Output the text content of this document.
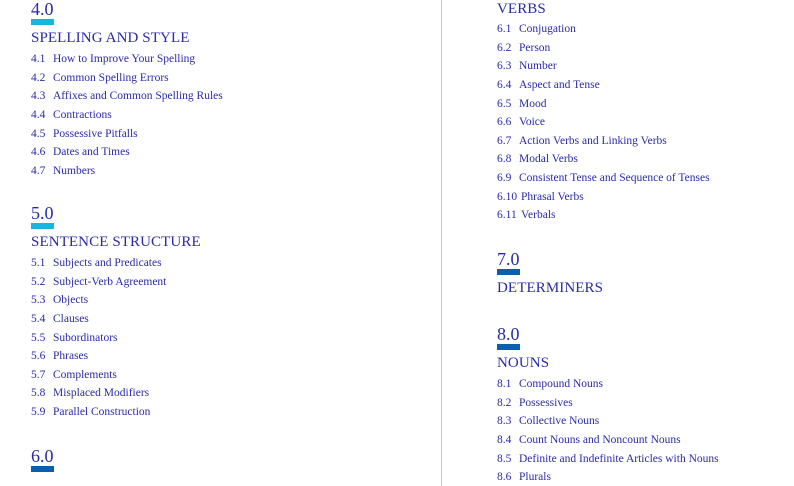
4.0
SPELLING AND STYLE
4.1 How to Improve Your Spelling
4.2 Common Spelling Errors
4.3 Affixes and Common Spelling Rules
4.4 Contractions
4.5 Possessive Pitfalls
4.6 Dates and Times
4.7 Numbers
5.0
SENTENCE STRUCTURE
5.1 Subjects and Predicates
5.2 Subject-Verb Agreement
5.3 Objects
5.4 Clauses
5.5 Subordinators
5.6 Phrases
5.7 Complements
5.8 Misplaced Modifiers
5.9 Parallel Construction
6.0
VERBS
6.1 Conjugation
6.2 Person
6.3 Number
6.4 Aspect and Tense
6.5 Mood
6.6 Voice
6.7 Action Verbs and Linking Verbs
6.8 Modal Verbs
6.9 Consistent Tense and Sequence of Tenses
6.10 Phrasal Verbs
6.11 Verbals
7.0
DETERMINERS
8.0
NOUNS
8.1 Compound Nouns
8.2 Possessives
8.3 Collective Nouns
8.4 Count Nouns and Noncount Nouns
8.5 Definite and Indefinite Articles with Nouns
8.6 Plurals
